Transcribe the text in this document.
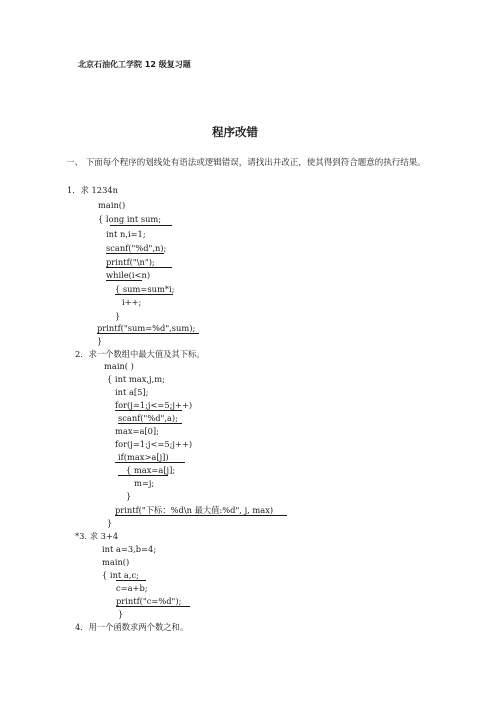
北京石油化工学院 12 级复习题
程序改错
一、 下面每个程序的划线处有语法或逻辑错误，请找出并改正，使其得到符合题意的执行结果。
1．求 1234n
main()
{ long int sum;
int n,i=1;
scanf("%d",n);
printf("\n");
while(i<n)
{ sum=sum*i;
i++;
}
printf("sum=%d",sum);
}
2．求一个数组中最大值及其下标。
main( )
{ int max,j,m;
int a[5];
for(j=1;j<=5;j++)
scanf("%d",a);
max=a[0];
for(j=1;j<=5;j++)
if(max>a[j])
{ max=a[j];
m=j;
}
printf("下标：%d\n 最大值:%d", j, max)
}
*3. 求 3+4
int a=3,b=4;
main()
{ int a,c;
c=a+b;
printf("c=%d");
}
4．用一个函数求两个数之和。
